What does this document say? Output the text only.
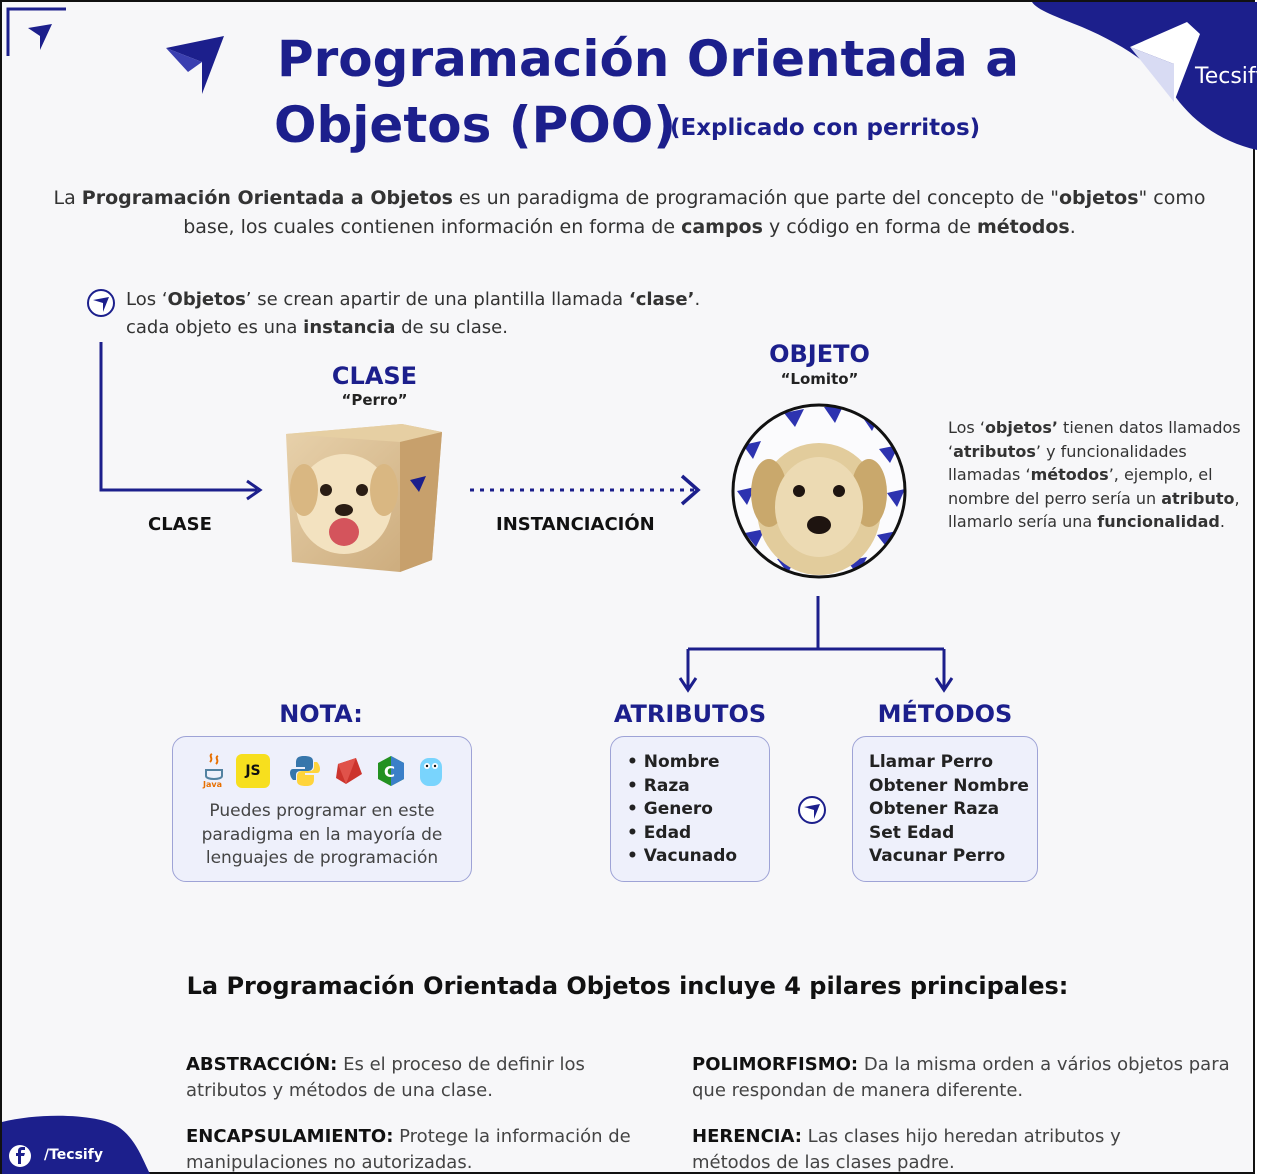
Tecsify
Programación Orientada a
Objetos (POO)
(Explicado con perritos)
La Programación Orientada a Objetos es un paradigma de programación que parte del concepto de "objetos" como base, los cuales contienen información en forma de campos y código en forma de métodos.
Los ‘Objetos’ se crean apartir de una plantilla llamada ‘clase’. cada objeto es una instancia de su clase.
CLASE	INSTANCIACIÓN
CLASE
“Perro”
OBJETO
“Lomito”
Los ‘objetos’ tienen datos llamados ‘atributos’ y funcionalidades llamadas ‘métodos’, ejemplo, el nombre del perro sería un atributo, llamarlo sería una funcionalidad.
NOTA:
Java
JS	C
Puedes programar en este paradigma en la mayoría de lenguajes de programación
ATRIBUTOS
• Nombre
• Raza
• Genero
• Edad
• Vacunado
MÉTODOS
Llamar Perro
Obtener Nombre
Obtener Raza
Set Edad
Vacunar Perro
La Programación Orientada Objetos incluye 4 pilares principales:
ABSTRACCIÓN: Es el proceso de definir los atributos y métodos de una clase.
POLIMORFISMO: Da la misma orden a vários objetos para que respondan de manera diferente.
ENCAPSULAMIENTO: Protege la información de manipulaciones no autorizadas.
HERENCIA: Las clases hijo heredan atributos y métodos de las clases padre.
/Tecsify
